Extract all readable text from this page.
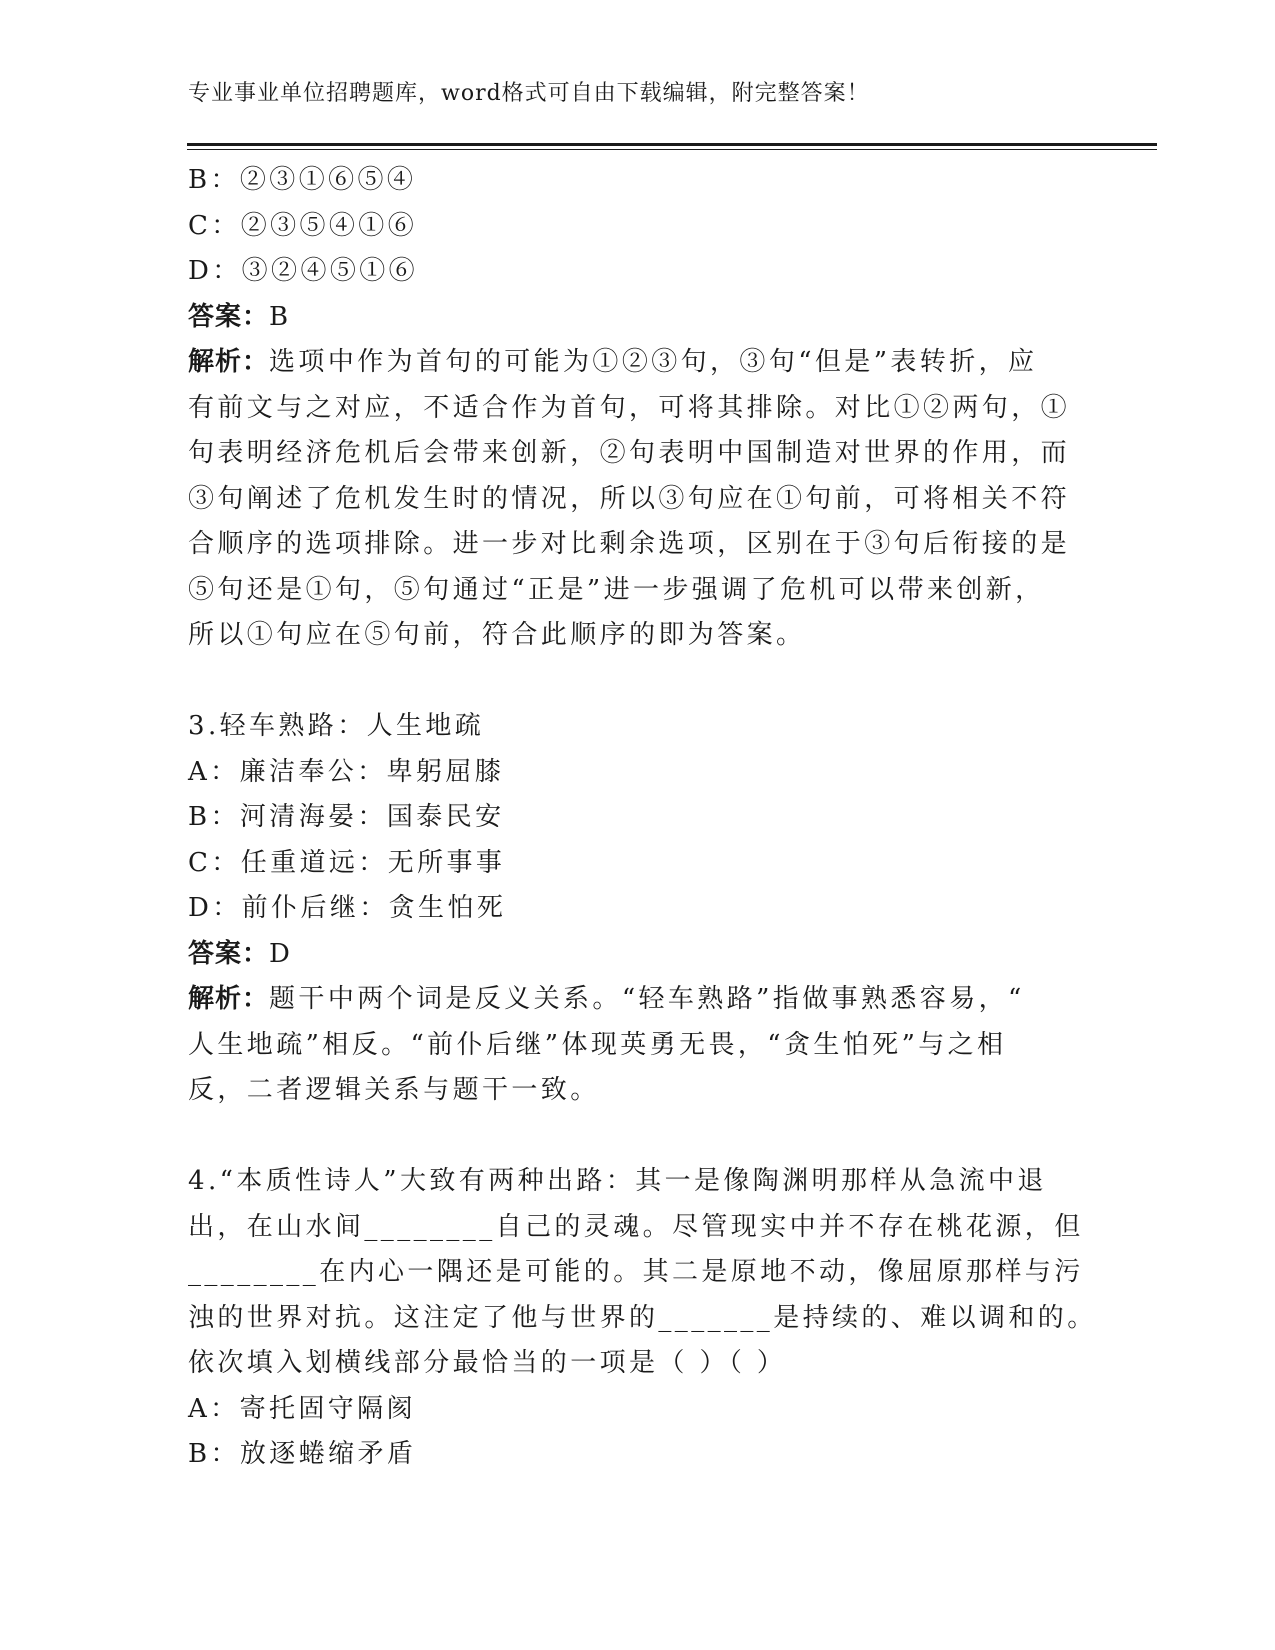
专业事业单位招聘题库，word格式可自由下载编辑，附完整答案！
B：②③①⑥⑤④
C：②③⑤④①⑥
D：③②④⑤①⑥
答案：B
解析：选项中作为首句的可能为①②③句，③句“但是”表转折，应
有前文与之对应，不适合作为首句，可将其排除。对比①②两句，①
句表明经济危机后会带来创新，②句表明中国制造对世界的作用，而
③句阐述了危机发生时的情况，所以③句应在①句前，可将相关不符
合顺序的选项排除。进一步对比剩余选项，区别在于③句后衔接的是
⑤句还是①句，⑤句通过“正是”进一步强调了危机可以带来创新，
所以①句应在⑤句前，符合此顺序的即为答案。
3.轻车熟路：人生地疏
A：廉洁奉公：卑躬屈膝
B：河清海晏：国泰民安
C：任重道远：无所事事
D：前仆后继：贪生怕死
答案：D
解析：题干中两个词是反义关系。“轻车熟路”指做事熟悉容易，“
人生地疏”相反。“前仆后继”体现英勇无畏，“贪生怕死”与之相
反，二者逻辑关系与题干一致。
4.“本质性诗人”大致有两种出路：其一是像陶渊明那样从急流中退
出，在山水间________自己的灵魂。尽管现实中并不存在桃花源，但
________在内心一隅还是可能的。其二是原地不动，像屈原那样与污
浊的世界对抗。这注定了他与世界的_______是持续的、难以调和的。
依次填入划横线部分最恰当的一项是（ ）（ ）
A：寄托固守隔阂
B：放逐蜷缩矛盾
